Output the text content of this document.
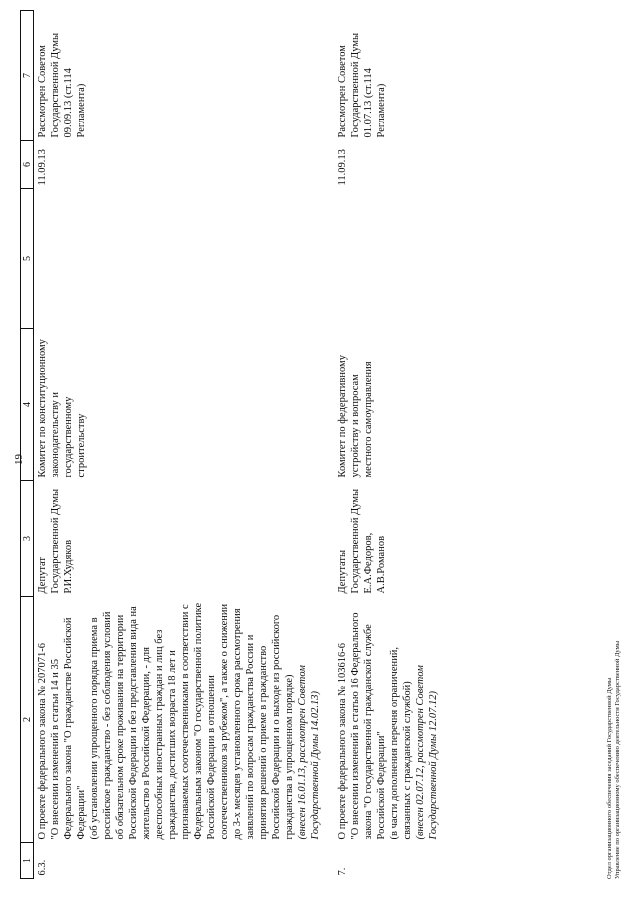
19
1	2	3	4	5	6	7
6.3.	О проекте федерального закона № 207071-6 "О внесении изменений в статьи 14 и 35 Федерального закона "О гражданстве Российской Федерации" (об установлении упрощенного порядка приема в российское гражданство - без соблюдения условий об обязательном сроке проживания на территории Российской Федерации и без представления вида на жительство в Российской Федерации, - для дееспособных иностранных граждан и лиц без гражданства, достигших возраста 18 лет и признаваемых соотечественниками в соответствии с Федеральным законом "О государственной политике Российской Федерации в отношении соотечественников за рубежом", а также о снижении до 3-х месяцев установленного срока рассмотрения заявлений по вопросам гражданства России и принятия решений о приеме в гражданство Российской Федерации и о выходе из российского гражданства в упрощенном порядке) (внесен 16.01.13, рассмотрен Советом Государственной Думы 14.02.13)	Депутат Государственной Думы Р.И.Худяков	Комитет по конституционному законодательству и государственному строительству		11.09.13	Рассмотрен Советом Государственной Думы 09.09.13 (ст.114 Регламента)
7.	О проекте федерального закона № 103616-6 "О внесении изменений в статью 16 Федерального закона "О государственной гражданской службе Российской Федерации" (в части дополнения перечня ограничений, связанных с гражданской службой) (внесен 02.07.12, рассмотрен Советом Государственной Думы 12.07.12)	Депутаты Государственной Думы Е.А.Федоров, А.В.Романов	Комитет по федеративному устройству и вопросам местного самоуправления		11.09.13	Рассмотрен Советом Государственной Думы 01.07.13 (ст.114 Регламента)
Отдел организационного обеспечения заседаний Государственной Думы Управление по организационному обеспечению деятельности Государственной Думы
